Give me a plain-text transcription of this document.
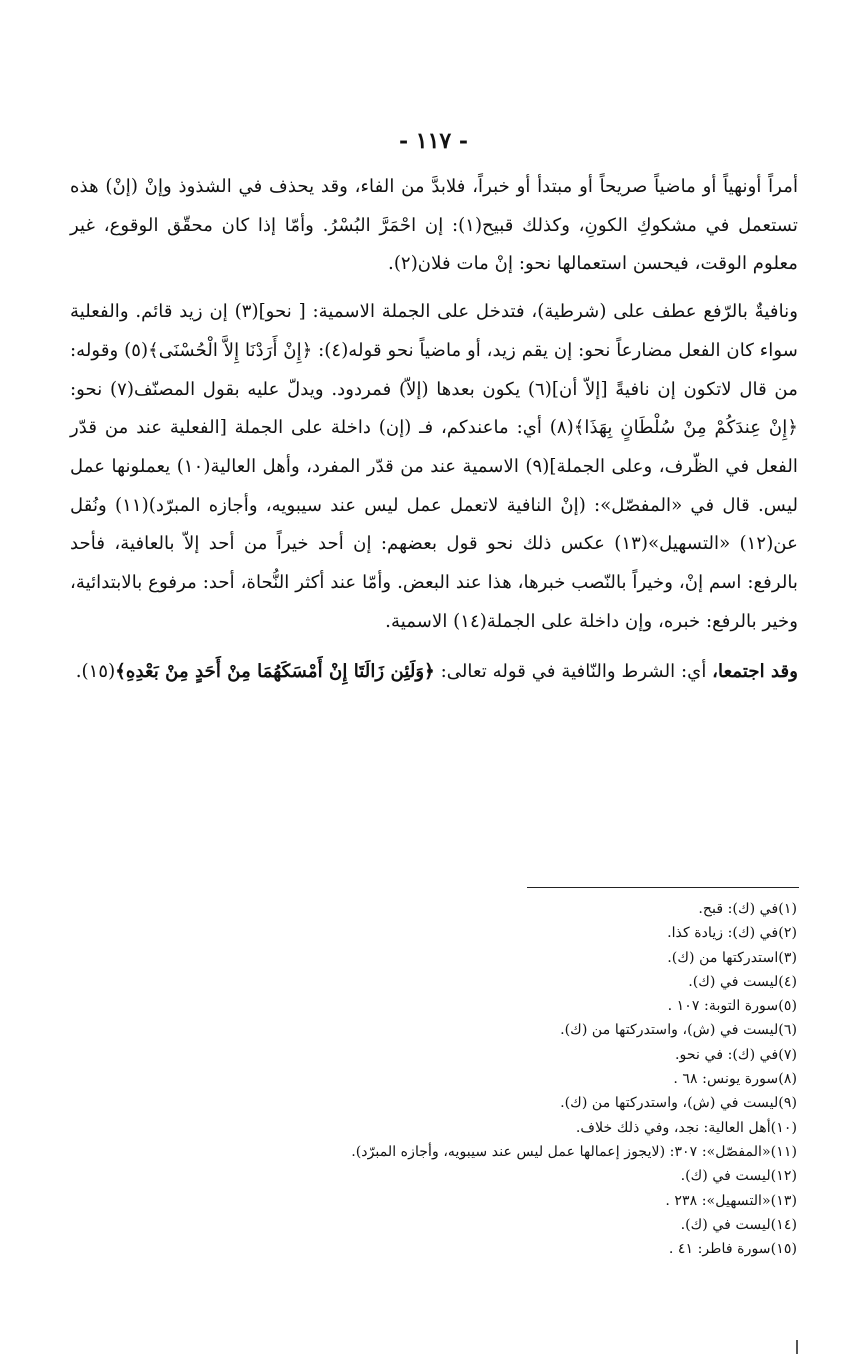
- ١١٧ -

أمراً أونهياً أو ماضياً صريحاً أو مبتدأ أو خبراً، فلابدَّ من الفاء، وقد يحذف في الشذوذ وإنْ (إنْ) هذه تستعمل في مشكوكِ الكونِ، وكذلك قبيح(١): إن احْمَرَّ البُسْرُ. وأمّا إذا كان محقّق الوقوع، غير معلوم الوقت، فيحسن استعمالها نحو: إنْ مات فلان(٢).

ونافيةٌ بالرّفع عطف على (شرطية)، فتدخل على الجملة الاسمية: [ نحو](٣) إن زيد قائم. والفعلية سواء كان الفعل مضارعاً نحو: إن يقم زيد، أو ماضياً نحو قوله(٤): ﴿إِنْ أَرَدْنَا إِلاَّ الْحُسْنَى﴾(٥) وقوله: من قال لاتكون إن نافيةً [إلاّ أن](٦) يكون بعدها (إلاّ) فمردود. ويدلّ عليه بقول المصنّف(٧) نحو: ﴿إِنْ عِندَكُمْ مِنْ سُلْطَانٍ بِهَذَا﴾(٨) أي: ماعندكم، فـ (إن) داخلة على الجملة [الفعلية عند من قدّر الفعل في الظّرف، وعلى الجملة](٩) الاسمية عند من قدّر المفرد، وأهل العالية(١٠) يعملونها عمل ليس. قال في «المفصّل»: (إنْ النافية لاتعمل عمل ليس عند سيبويه، وأجازه المبرّد)(١١) ونُقل عن(١٢) «التسهيل»(١٣) عكس ذلك نحو قول بعضهم: إن أحد خيراً من أحد إلاّ بالعافية، فأحد بالرفع: اسم إنْ، وخيراً بالنّصب خبرها، هذا عند البعض. وأمّا عند أكثر النُّحاة، أحد: مرفوع بالابتدائية، وخير بالرفع: خبره، وإن داخلة على الجملة(١٤) الاسمية.

وقد اجتمعا، أي: الشرط والنّافية في قوله تعالى: ﴿وَلَئِن زَالَتَا إِنْ أَمْسَكَهُمَا مِنْ أَحَدٍ مِنْ بَعْدِهِ﴾(١٥).

(١)في (ك): قبح.
(٢)في (ك): زيادة كذا.
(٣)استدركتها من (ك).
(٤)ليست في (ك).
(٥)سورة التوبة: ١٠٧ .
(٦)ليست في (ش)، واستدركتها من (ك).
(٧)في (ك): في نحو.
(٨)سورة يونس: ٦٨ .
(٩)ليست في (ش)، واستدركتها من (ك).
(١٠)أهل العالية: نجد، وفي ذلك خلاف.
(١١)«المفصّل»: ٣٠٧: (لايجوز إعمالها عمل ليس عند سيبويه، وأجازه المبرّد).
(١٢)ليست في (ك).
(١٣)«التسهيل»: ٢٣٨ .
(١٤)ليست في (ك).
(١٥)سورة فاطر: ٤١ .
